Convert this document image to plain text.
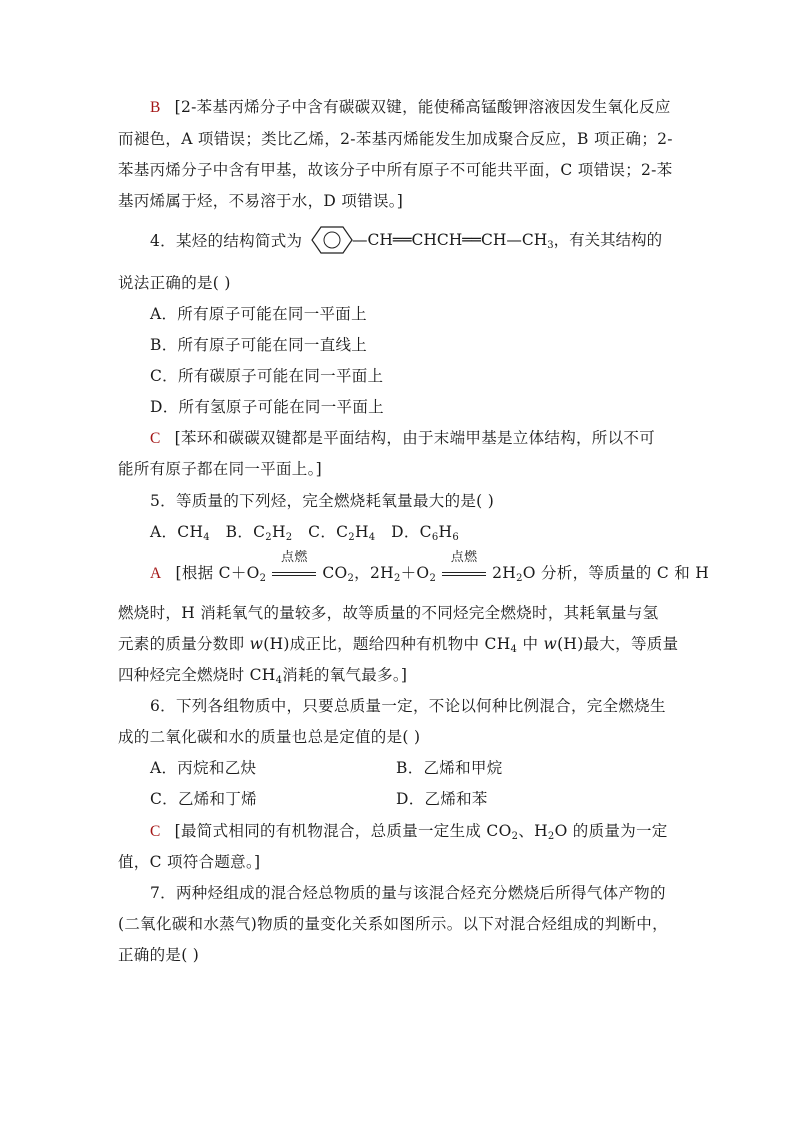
B [2-苯基丙烯分子中含有碳碳双键，能使稀高锰酸钾溶液因发生氧化反应
而褪色，A 项错误；类比乙烯，2-苯基丙烯能发生加成聚合反应，B 项正确；2-
苯基丙烯分子中含有甲基，故该分子中所有原子不可能共平面，C 项错误；2-苯
基丙烯属于烃，不易溶于水，D 项错误。]
4．某烃的结构简式为	$—CH══CHCH══CH—CH_3$，有关其结构的
说法正确的是( )
A．所有原子可能在同一平面上
B．所有原子可能在同一直线上
C．所有碳原子可能在同一平面上
D．所有氢原子可能在同一平面上
C [苯环和碳碳双键都是平面结构，由于末端甲基是立体结构，所以不可
能所有原子都在同一平面上。]
5．等质量的下列烃，完全燃烧耗氧量最大的是( )
A．$CH_4$ B．$C_2H_2$ C．$C_2H_4$ D．$C_6H_6$
A [根据 $C+O_2$
点燃
$CO_2$，$2H_2+O_2$
点燃
$2H_2O$ 分析，等质量的 C 和 H
燃烧时，H 消耗氧气的量较多，故等质量的不同烃完全燃烧时，其耗氧量与氢
元素的质量分数即 w(H)成正比，题给四种有机物中 $CH_4$ 中 w(H)最大，等质量
四种烃完全燃烧时 $CH_4$消耗的氧气最多。]
6．下列各组物质中，只要总质量一定，不论以何种比例混合，完全燃烧生
成的二氧化碳和水的质量也总是定值的是( )
A．丙烷和乙炔	B．乙烯和甲烷
C．乙烯和丁烯	D．乙烯和苯
C [最简式相同的有机物混合，总质量一定生成 $CO_2$、$H_2O$ 的质量为一定
值，C 项符合题意。]
7．两种烃组成的混合烃总物质的量与该混合烃充分燃烧后所得气体产物的
(二氧化碳和水蒸气)物质的量变化关系如图所示。以下对混合烃组成的判断中，
正确的是( )
